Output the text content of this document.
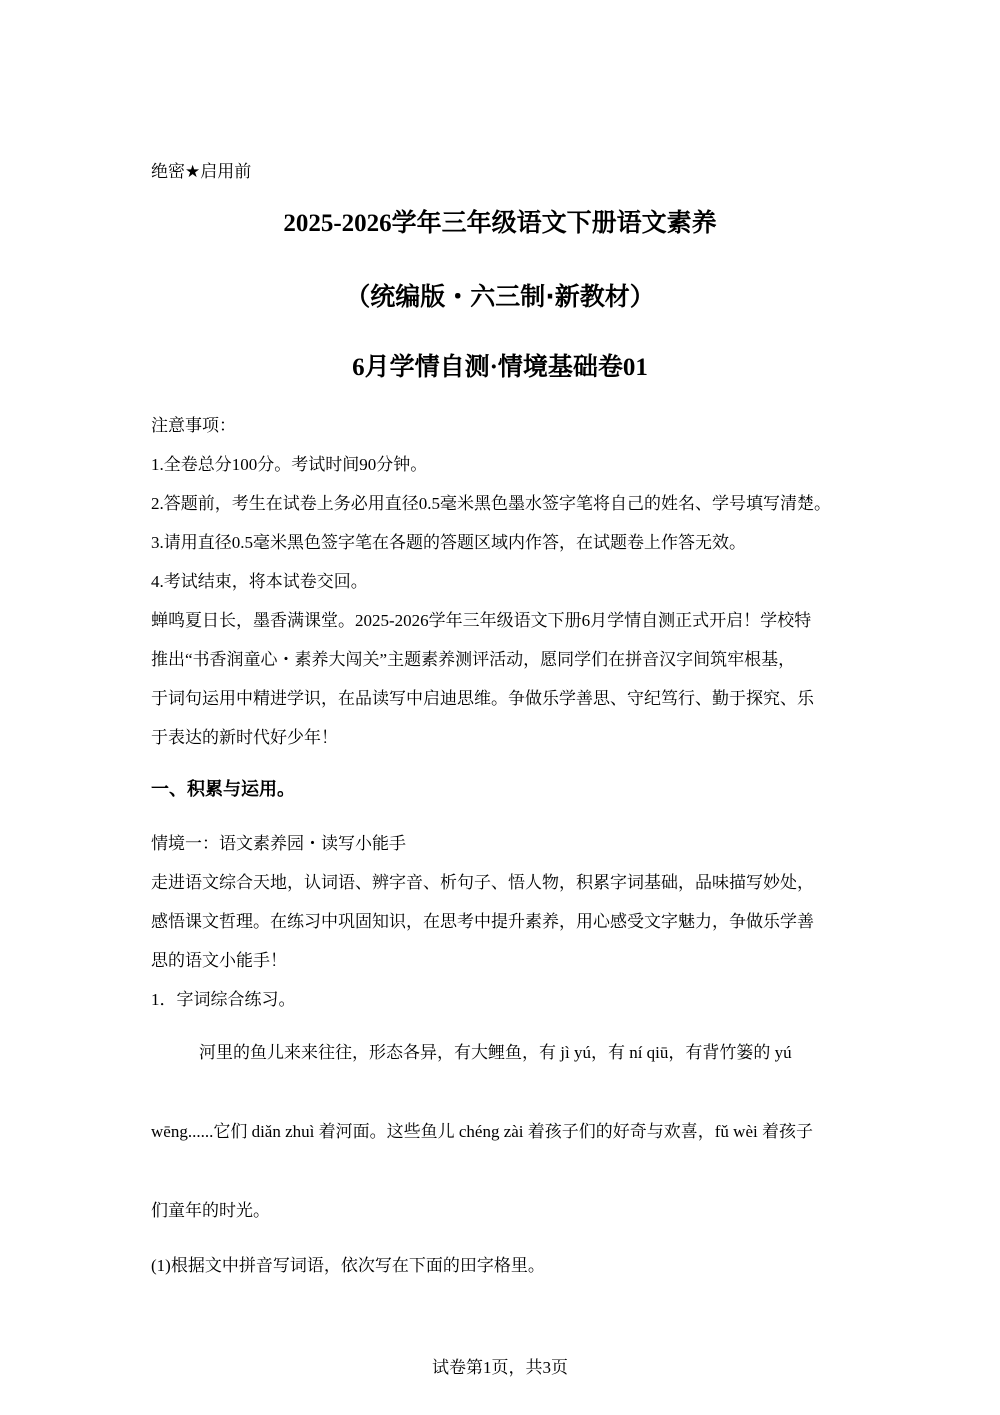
绝密★启用前
2025-2026学年三年级语文下册语文素养
（统编版・六三制·新教材）
6月学情自测·情境基础卷01
注意事项：
1.全卷总分100分。考试时间90分钟。
2.答题前，考生在试卷上务必用直径0.5毫米黑色墨水签字笔将自己的姓名、学号填写清楚。
3.请用直径0.5毫米黑色签字笔在各题的答题区域内作答，在试题卷上作答无效。
4.考试结束，将本试卷交回。
蝉鸣夏日长，墨香满课堂。2025-2026学年三年级语文下册6月学情自测正式开启！学校特
推出“书香润童心・素养大闯关”主题素养测评活动，愿同学们在拼音汉字间筑牢根基，
于词句运用中精进学识，在品读写中启迪思维。争做乐学善思、守纪笃行、勤于探究、乐
于表达的新时代好少年！
一、积累与运用。
情境一：语文素养园・读写小能手
走进语文综合天地，认词语、辨字音、析句子、悟人物，积累字词基础，品味描写妙处，
感悟课文哲理。在练习中巩固知识，在思考中提升素养，用心感受文字魅力，争做乐学善
思的语文小能手！
1．字词综合练习。
河里的鱼儿来来往往，形态各异，有大鲤鱼，有 jì yú，有 ní qiū，有背竹篓的 yú
wēng......它们 diǎn zhuì 着河面。这些鱼儿 chéng zài 着孩子们的好奇与欢喜，fǔ wèi 着孩子
们童年的时光。
(1)根据文中拼音写词语，依次写在下面的田字格里。
试卷第1页，共3页
